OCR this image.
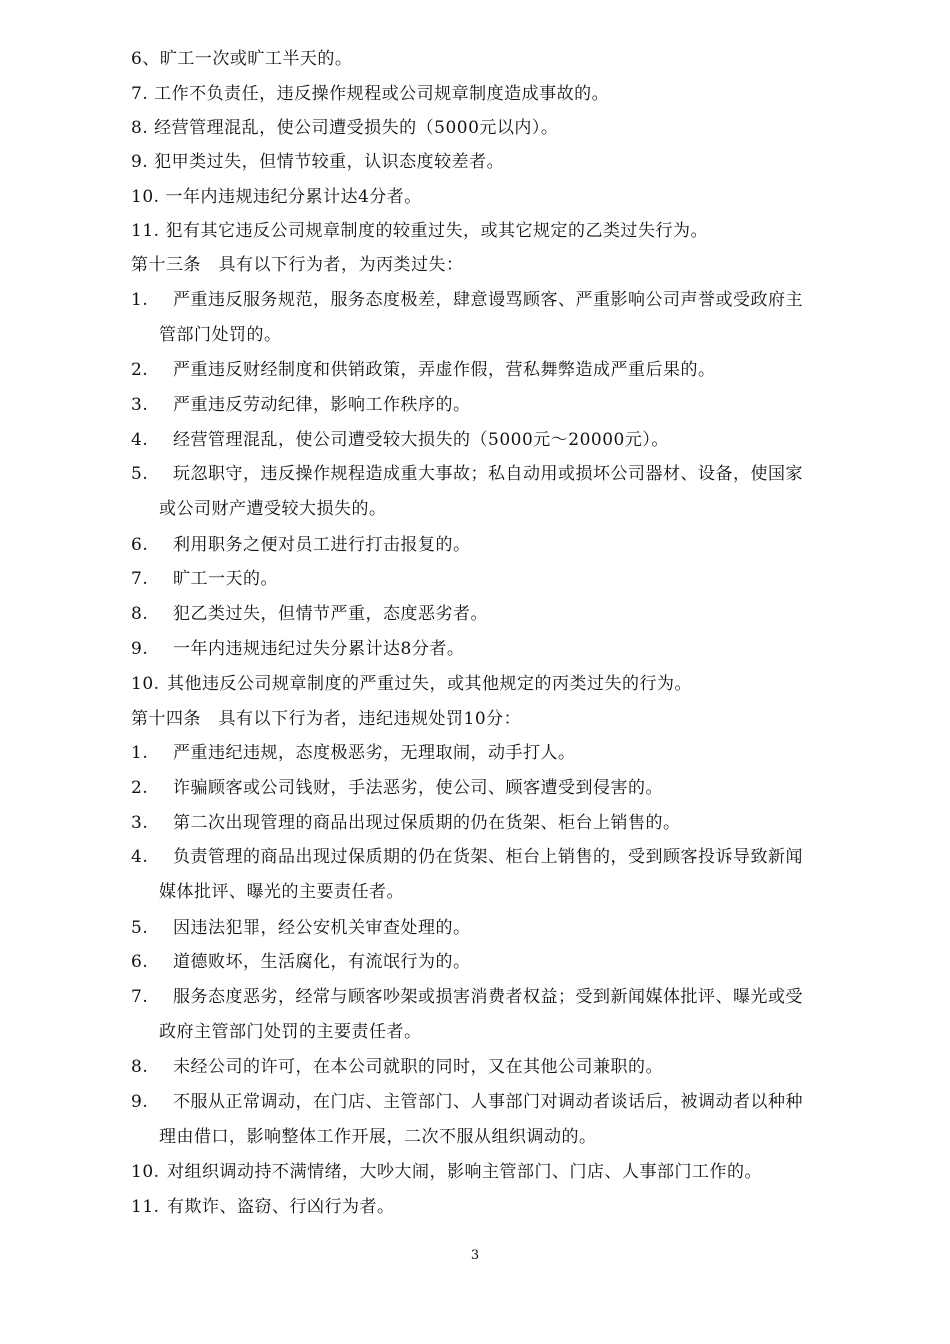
6、旷工一次或旷工半天的。
7. 工作不负责任，违反操作规程或公司规章制度造成事故的。
8. 经营管理混乱，使公司遭受损失的（5000元以内）。
9. 犯甲类过失，但情节较重，认识态度较差者。
10. 一年内违规违纪分累计达4分者。
11. 犯有其它违反公司规章制度的较重过失，或其它规定的乙类过失行为。
第十三条　具有以下行为者，为丙类过失：
1. 严重违反服务规范，服务态度极差，肆意谩骂顾客、严重影响公司声誉或受政府主
管部门处罚的。
2. 严重违反财经制度和供销政策，弄虚作假，营私舞弊造成严重后果的。
3. 严重违反劳动纪律，影响工作秩序的。
4. 经营管理混乱，使公司遭受较大损失的（5000元～20000元）。
5. 玩忽职守，违反操作规程造成重大事故；私自动用或损坏公司器材、设备，使国家
或公司财产遭受较大损失的。
6. 利用职务之便对员工进行打击报复的。
7. 旷工一天的。
8. 犯乙类过失，但情节严重，态度恶劣者。
9. 一年内违规违纪过失分累计达8分者。
10. 其他违反公司规章制度的严重过失，或其他规定的丙类过失的行为。
第十四条　具有以下行为者，违纪违规处罚10分：
1. 严重违纪违规，态度极恶劣，无理取闹，动手打人。
2. 诈骗顾客或公司钱财，手法恶劣，使公司、顾客遭受到侵害的。
3. 第二次出现管理的商品出现过保质期的仍在货架、柜台上销售的。
4. 负责管理的商品出现过保质期的仍在货架、柜台上销售的，受到顾客投诉导致新闻
媒体批评、曝光的主要责任者。
5. 因违法犯罪，经公安机关审查处理的。
6. 道德败坏，生活腐化，有流氓行为的。
7. 服务态度恶劣，经常与顾客吵架或损害消费者权益；受到新闻媒体批评、曝光或受
政府主管部门处罚的主要责任者。
8. 未经公司的许可，在本公司就职的同时，又在其他公司兼职的。
9. 不服从正常调动，在门店、主管部门、人事部门对调动者谈话后，被调动者以种种
理由借口，影响整体工作开展，二次不服从组织调动的。
10. 对组织调动持不满情绪，大吵大闹，影响主管部门、门店、人事部门工作的。
11. 有欺诈、盗窃、行凶行为者。
3
